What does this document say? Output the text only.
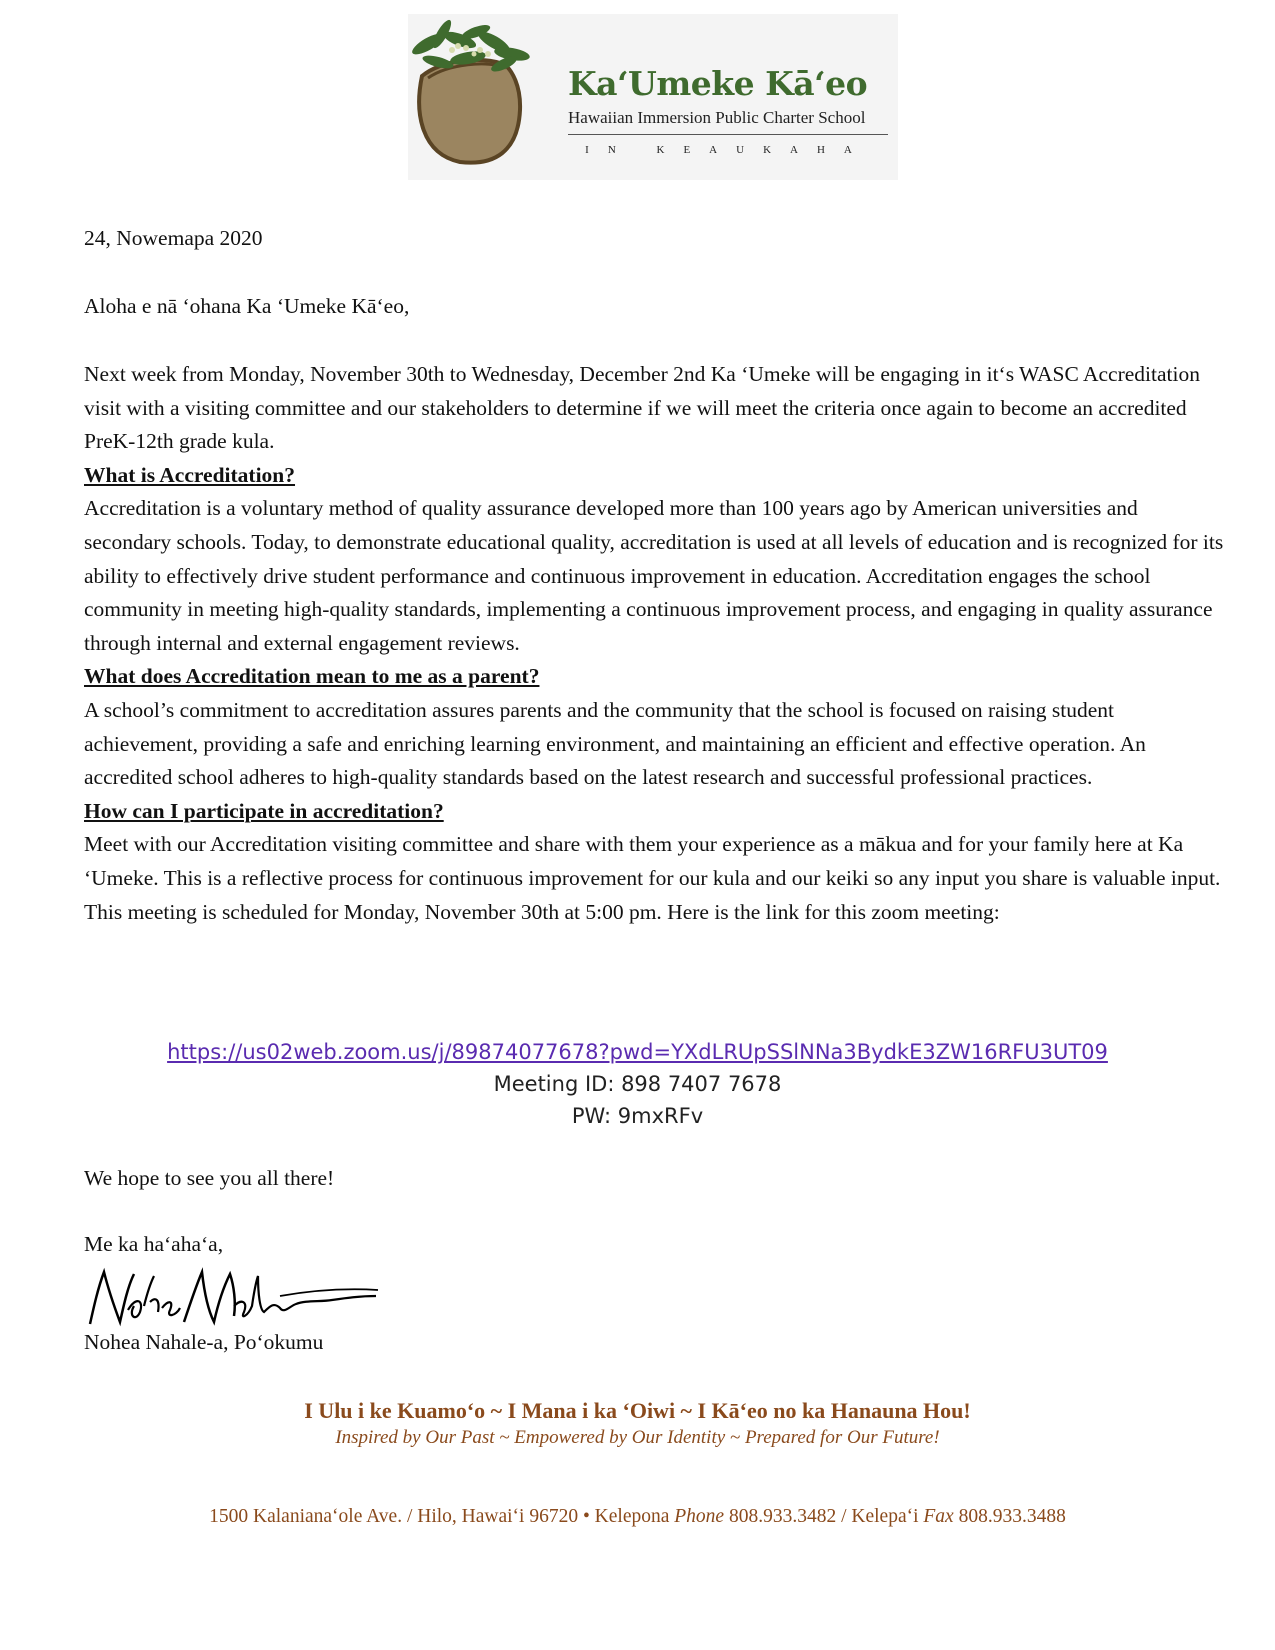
Ka‘Umeke Kā‘eo
Hawaiian Immersion Public Charter School
IN KEAUKAHA
24, Nowemapa 2020
Aloha e nā ʻohana Ka ʻUmeke Kāʻeo,

Next week from Monday, November 30th to Wednesday, December 2nd Ka ʻUmeke will be engaging in itʻs WASC Accreditation visit with a visiting committee and our stakeholders to determine if we will meet the criteria once again to become an accredited PreK-12th grade kula.

What is Accreditation?

Accreditation is a voluntary method of quality assurance developed more than 100 years ago by American universities and secondary schools. Today, to demonstrate educational quality, accreditation is used at all levels of education and is recognized for its ability to effectively drive student performance and continuous improvement in education. Accreditation engages the school community in meeting high-quality standards, implementing a continuous improvement process, and engaging in quality assurance through internal and external engagement reviews.

What does Accreditation mean to me as a parent?

A school’s commitment to accreditation assures parents and the community that the school is focused on raising student achievement, providing a safe and enriching learning environment, and maintaining an efficient and effective operation. An accredited school adheres to high-quality standards based on the latest research and successful professional practices.

How can I participate in accreditation?

Meet with our Accreditation visiting committee and share with them your experience as a mākua and for your family here at Ka ʻUmeke. This is a reflective process for continuous improvement for our kula and our keiki so any input you share is valuable input. This meeting is scheduled for Monday, November 30th at 5:00 pm. Here is the link for this zoom meeting:

https://us02web.zoom.us/j/89874077678?pwd=YXdLRUpSSlNNa3BydkE3ZW16RFU3UT09
Meeting ID: 898 7407 7678
PW: 9mxRFv
We hope to see you all there!
Me ka haʻahaʻa,
Nohea Nahale-a, Poʻokumu
I Ulu i ke Kuamo‘o ~ I Mana i ka ‘Oiwi ~ I Kā‘eo no ka Hanauna Hou!
Inspired by Our Past ~ Empowered by Our Identity ~ Prepared for Our Future!
1500 Kalanianaʻole Ave. / Hilo, Hawai‘i 96720 • Kelepona Phone 808.933.3482 / Kelepa‘i Fax 808.933.3488
